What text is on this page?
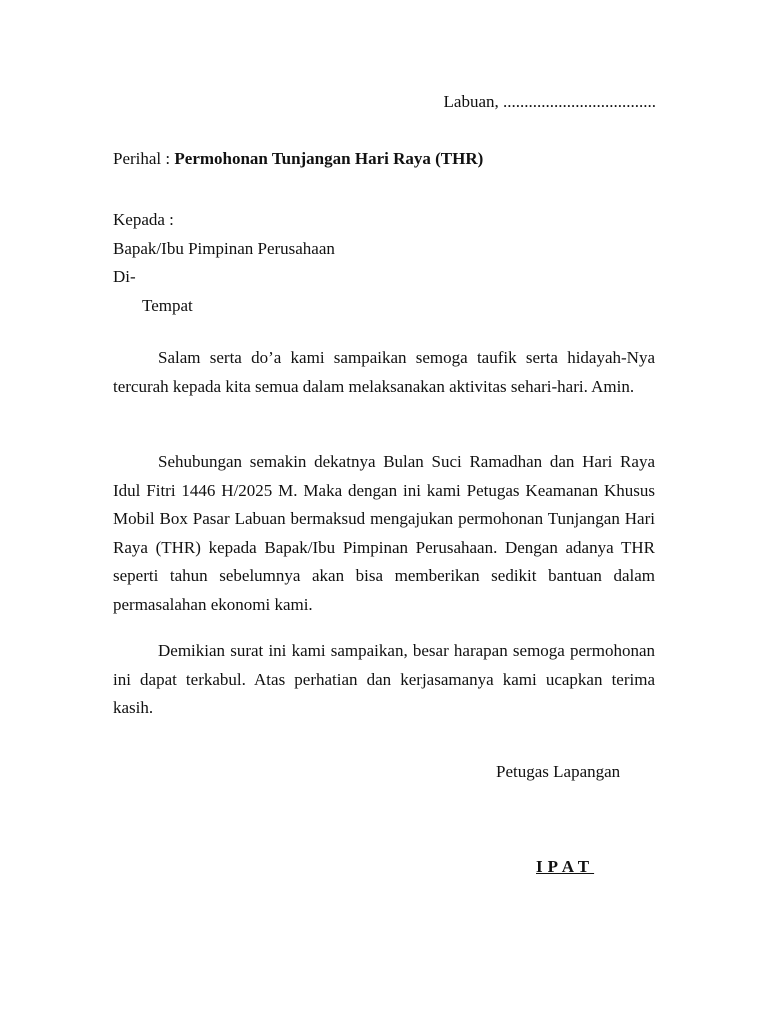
Labuan, ....................................
Perihal : Permohonan Tunjangan Hari Raya (THR)
Kepada :
Bapak/Ibu Pimpinan Perusahaan
Di-
Tempat

Salam serta do’a kami sampaikan semoga taufik serta hidayah-Nya tercurah kepada kita semua dalam melaksanakan aktivitas sehari-hari. Amin.

Sehubungan semakin dekatnya Bulan Suci Ramadhan dan Hari Raya Idul Fitri 1446 H/2025 M. Maka dengan ini kami Petugas Keamanan Khusus Mobil Box Pasar Labuan bermaksud mengajukan permohonan Tunjangan Hari Raya (THR) kepada Bapak/Ibu Pimpinan Perusahaan. Dengan adanya THR seperti tahun sebelumnya akan bisa memberikan sedikit bantuan dalam permasalahan ekonomi kami.

Demikian surat ini kami sampaikan, besar harapan semoga permohonan ini dapat terkabul. Atas perhatian dan kerjasamanya kami ucapkan terima kasih.

Petugas Lapangan
IPAT
